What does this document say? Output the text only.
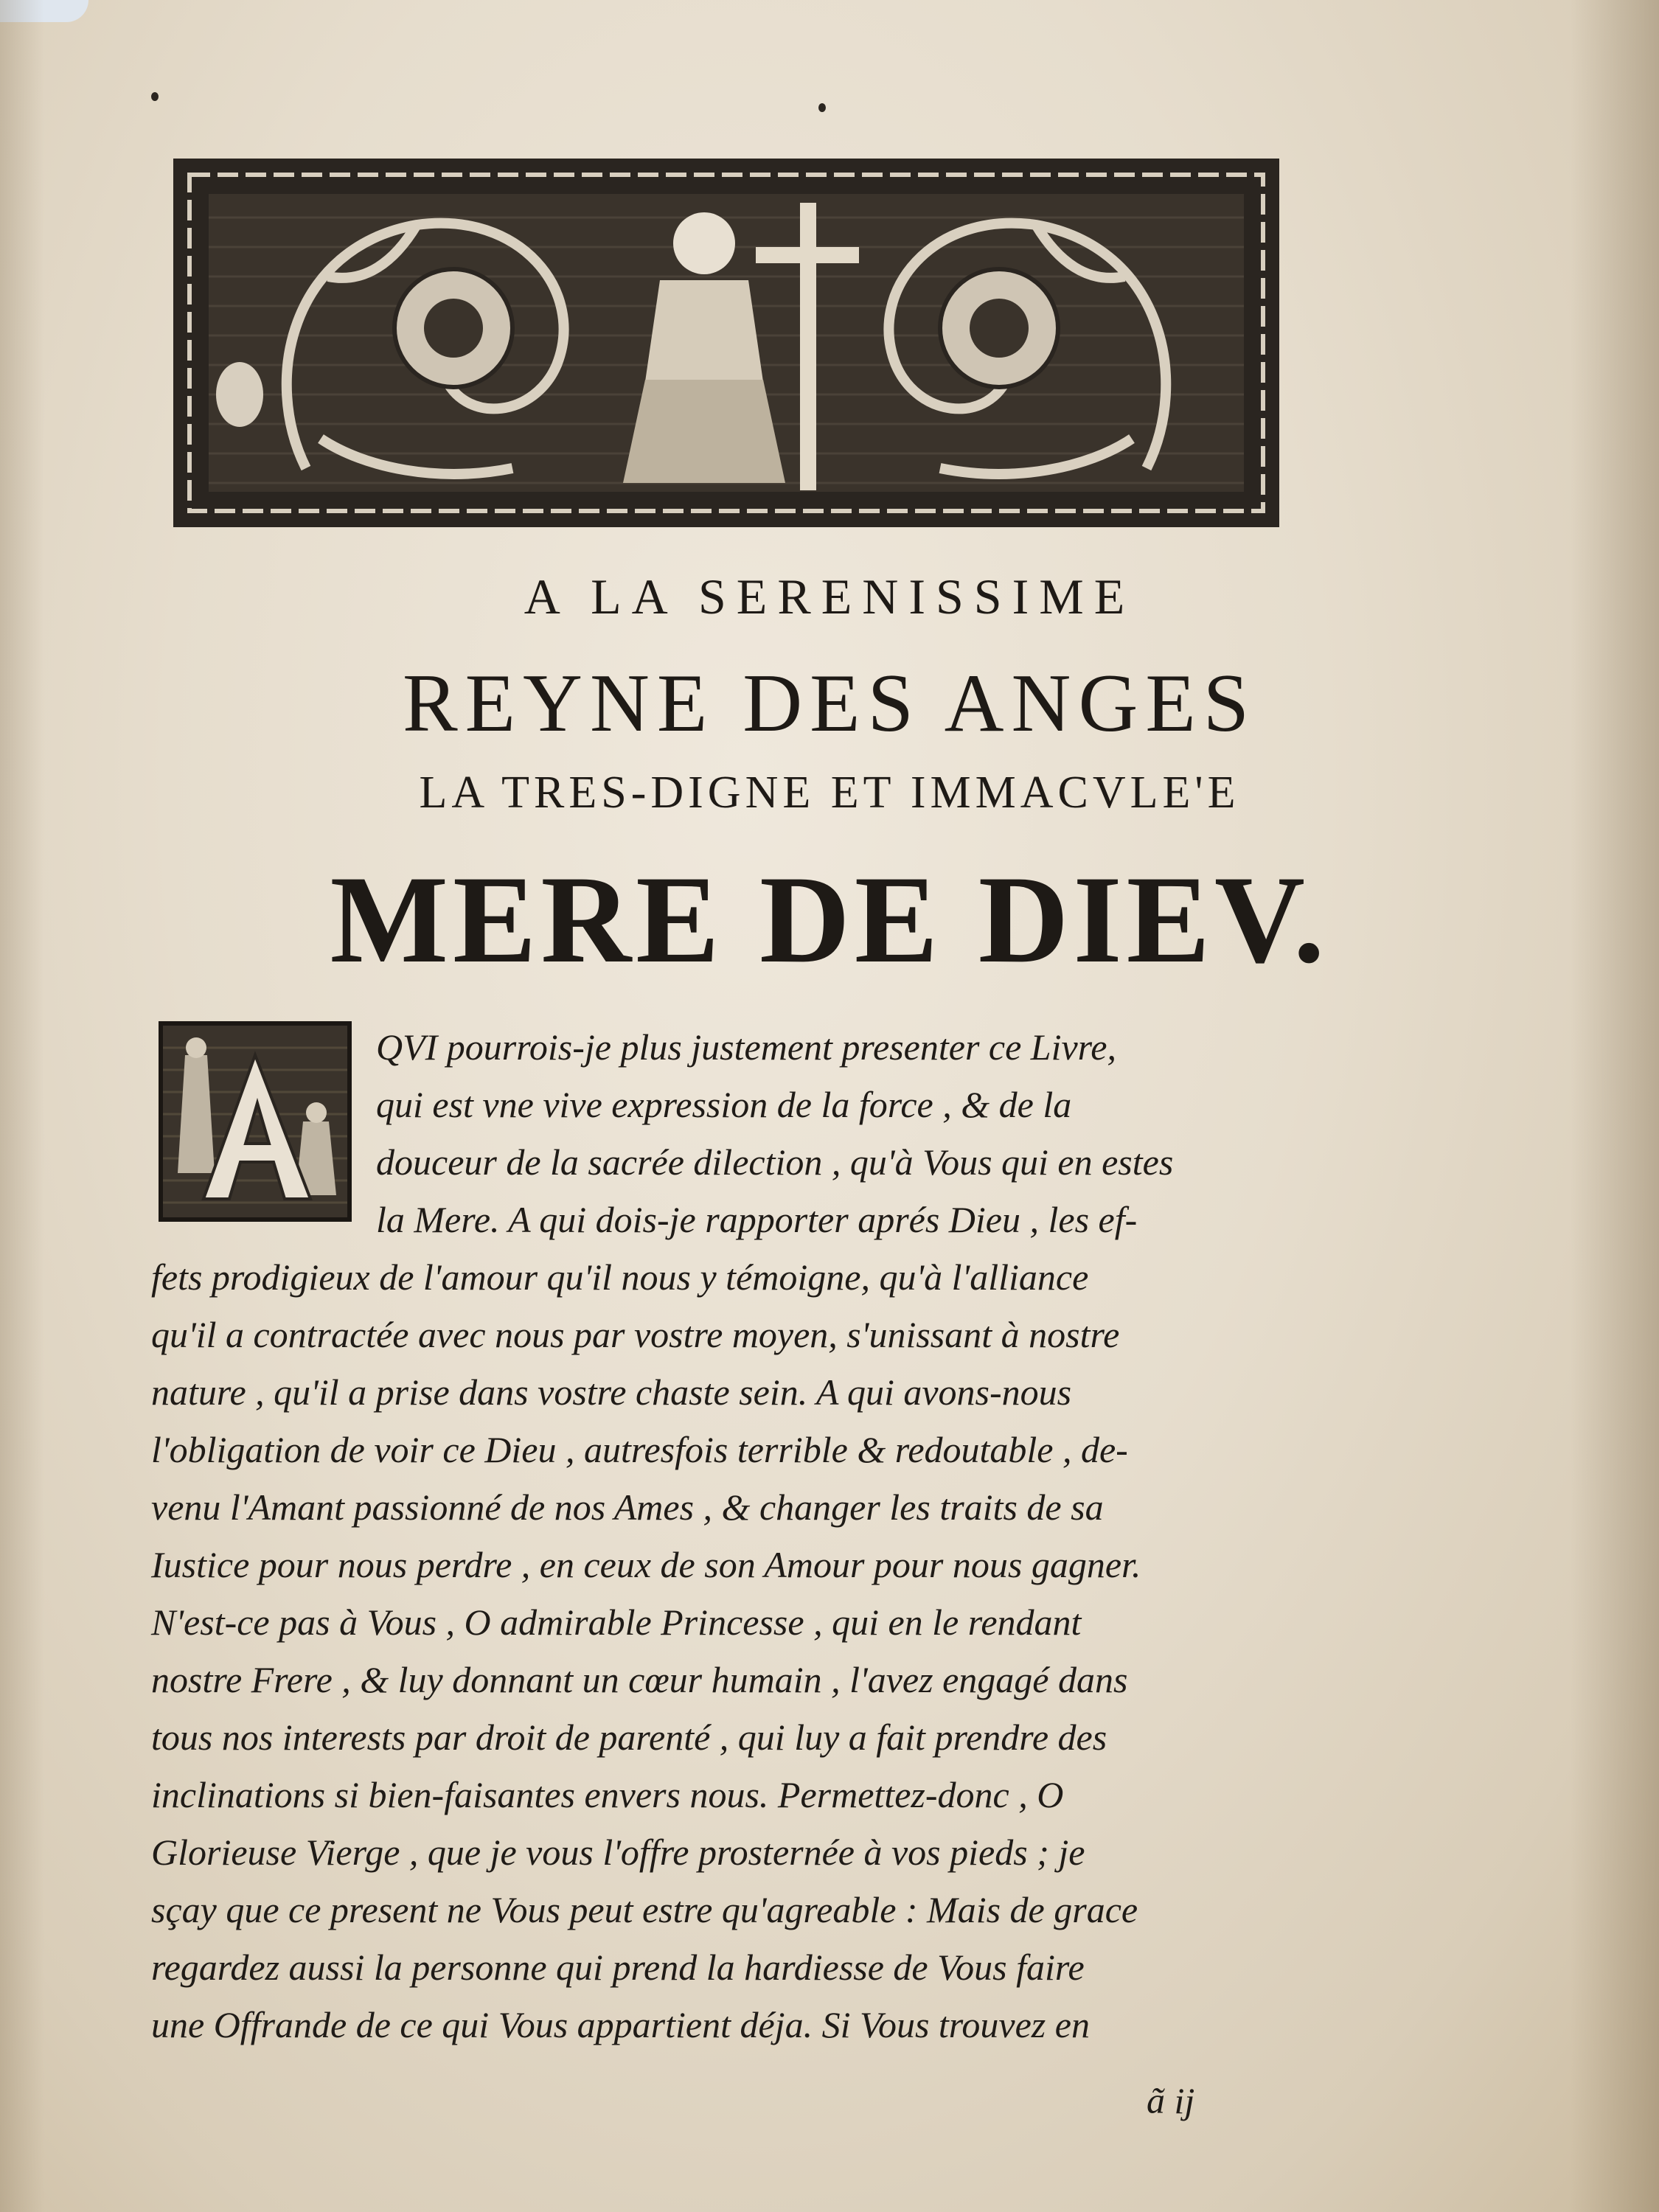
A LA SERENISSIME
REYNE DES ANGES
LA TRES-DIGNE ET IMMACVLE'E
MERE DE DIEV.
QVI pourrois-je plus justement presenter ce Livre,
qui est vne vive expression de la force , & de la
douceur de la sacrée dilection , qu'à Vous qui en estes
la Mere. A qui dois-je rapporter aprés Dieu , les ef-
fets prodigieux de l'amour qu'il nous y témoigne, qu'à l'alliance
qu'il a contractée avec nous par vostre moyen, s'unissant à nostre
nature , qu'il a prise dans vostre chaste sein. A qui avons-nous
l'obligation de voir ce Dieu , autresfois terrible & redoutable , de-
venu l'Amant passionné de nos Ames , & changer les traits de sa
Iustice pour nous perdre , en ceux de son Amour pour nous gagner.
N'est-ce pas à Vous , O admirable Princesse , qui en le rendant
nostre Frere , & luy donnant un cœur humain , l'avez engagé dans
tous nos interests par droit de parenté , qui luy a fait prendre des
inclinations si bien-faisantes envers nous. Permettez-donc , O
Glorieuse Vierge , que je vous l'offre prosternée à vos pieds ; je
sçay que ce present ne Vous peut estre qu'agreable : Mais de grace
regardez aussi la personne qui prend la hardiesse de Vous faire
une Offrande de ce qui Vous appartient déja. Si Vous trouvez en
ã ij
